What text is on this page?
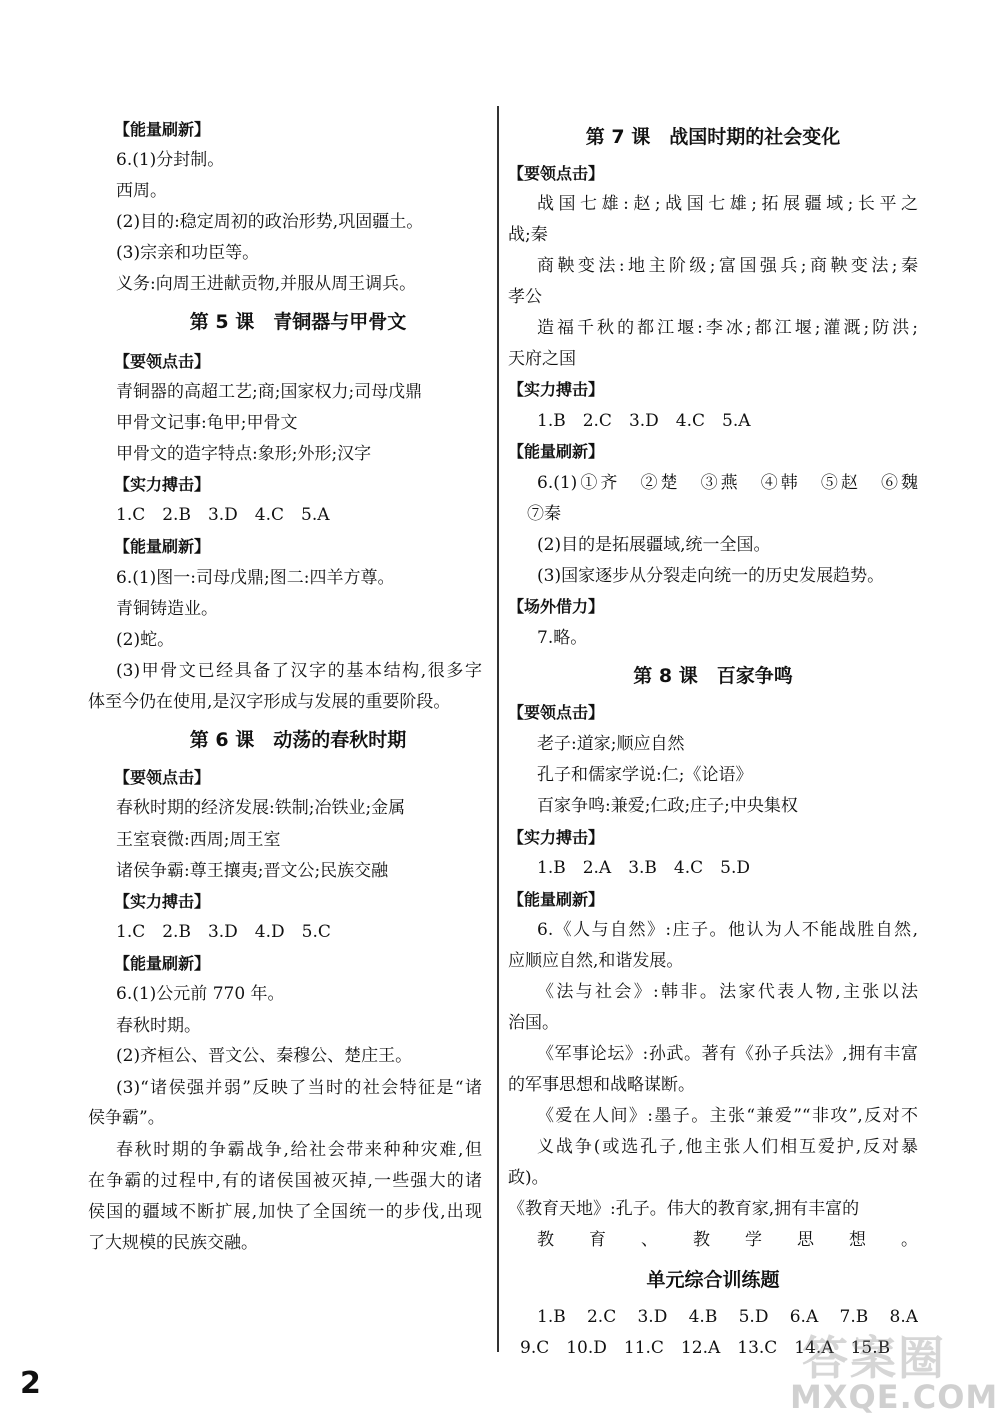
【能量刷新】
6.(1)分封制。
西周。
(2)目的:稳定周初的政治形势,巩固疆土。
(3)宗亲和功臣等。
义务:向周王进献贡物,并服从周王调兵。
第 5 课　青铜器与甲骨文
【要领点击】
青铜器的高超工艺;商;国家权力;司母戊鼎
甲骨文记事:龟甲;甲骨文
甲骨文的造字特点:象形;外形;汉字
【实力搏击】
1.C　2.B　3.D　4.C　5.A
【能量刷新】
6.(1)图一:司母戊鼎;图二:四羊方尊。
青铜铸造业。
(2)蛇。
(3)甲骨文已经具备了汉字的基本结构,很多字
体至今仍在使用,是汉字形成与发展的重要阶段。
第 6 课　动荡的春秋时期
【要领点击】
春秋时期的经济发展:铁制;冶铁业;金属
王室衰微:西周;周王室
诸侯争霸:尊王攘夷;晋文公;民族交融
【实力搏击】
1.C　2.B　3.D　4.D　5.C
【能量刷新】
6.(1)公元前 770 年。
春秋时期。
(2)齐桓公、晋文公、秦穆公、楚庄王。
(3)“诸侯强并弱”反映了当时的社会特征是“诸
侯争霸”。
春秋时期的争霸战争,给社会带来种种灾难,但
在争霸的过程中,有的诸侯国被灭掉,一些强大的诸
侯国的疆域不断扩展,加快了全国统一的步伐,出现
了大规模的民族交融。
第 7 课　战国时期的社会变化
【要领点击】
战国七雄:赵;战国七雄;拓展疆域;长平之
战;秦
商鞅变法:地主阶级;富国强兵;商鞅变法;秦
孝公
造福千秋的都江堰:李冰;都江堰;灌溉;防洪;
天府之国
【实力搏击】
1.B　2.C　3.D　4.C　5.A
【能量刷新】
6.(1)①齐　②楚　③燕　④韩　⑤赵　⑥魏
⑦秦
(2)目的是拓展疆域,统一全国。
(3)国家逐步从分裂走向统一的历史发展趋势。
【场外借力】
7.略。
第 8 课　百家争鸣
【要领点击】
老子:道家;顺应自然
孔子和儒家学说:仁;《论语》
百家争鸣:兼爱;仁政;庄子;中央集权
【实力搏击】
1.B　2.A　3.B　4.C　5.D
【能量刷新】
6.《人与自然》:庄子。他认为人不能战胜自然,
应顺应自然,和谐发展。
《法与社会》:韩非。法家代表人物,主张以法
治国。
《军事论坛》:孙武。著有《孙子兵法》,拥有丰富
的军事思想和战略谋断。
《爱在人间》:墨子。主张“兼爱”“非攻”,反对不
义战争(或选孔子,他主张人们相互爱护,反对暴
政)。
《教育天地》:孔子。伟大的教育家,拥有丰富的
教育、教学思想。
单元综合训练题
1.B　2.C　3.D　4.B　5.D　6.A　7.B　8.A
9.C　10.D　11.C　12.A　13.C　14.A　15.B
2	答案圈
MXQE.COM
